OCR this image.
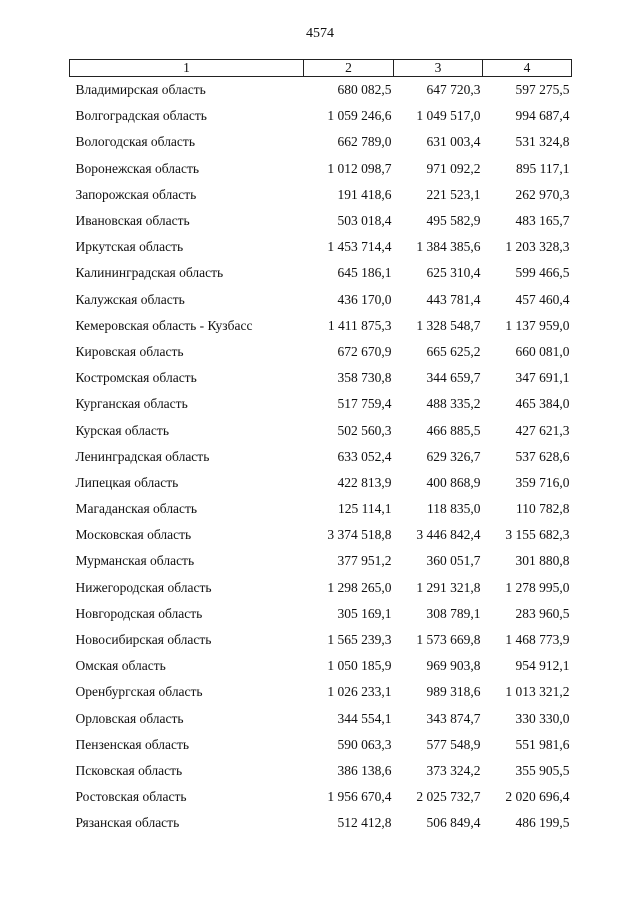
4574
1	2	3	4
Владимирская область	680 082,5	647 720,3	597 275,5
Волгоградская область	1 059 246,6	1 049 517,0	994 687,4
Вологодская область	662 789,0	631 003,4	531 324,8
Воронежская область	1 012 098,7	971 092,2	895 117,1
Запорожская область	191 418,6	221 523,1	262 970,3
Ивановская область	503 018,4	495 582,9	483 165,7
Иркутская область	1 453 714,4	1 384 385,6	1 203 328,3
Калининградская область	645 186,1	625 310,4	599 466,5
Калужская область	436 170,0	443 781,4	457 460,4
Кемеровская область - Кузбасс	1 411 875,3	1 328 548,7	1 137 959,0
Кировская область	672 670,9	665 625,2	660 081,0
Костромская область	358 730,8	344 659,7	347 691,1
Курганская область	517 759,4	488 335,2	465 384,0
Курская область	502 560,3	466 885,5	427 621,3
Ленинградская область	633 052,4	629 326,7	537 628,6
Липецкая область	422 813,9	400 868,9	359 716,0
Магаданская область	125 114,1	118 835,0	110 782,8
Московская область	3 374 518,8	3 446 842,4	3 155 682,3
Мурманская область	377 951,2	360 051,7	301 880,8
Нижегородская область	1 298 265,0	1 291 321,8	1 278 995,0
Новгородская область	305 169,1	308 789,1	283 960,5
Новосибирская область	1 565 239,3	1 573 669,8	1 468 773,9
Омская область	1 050 185,9	969 903,8	954 912,1
Оренбургская область	1 026 233,1	989 318,6	1 013 321,2
Орловская область	344 554,1	343 874,7	330 330,0
Пензенская область	590 063,3	577 548,9	551 981,6
Псковская область	386 138,6	373 324,2	355 905,5
Ростовская область	1 956 670,4	2 025 732,7	2 020 696,4
Рязанская область	512 412,8	506 849,4	486 199,5
